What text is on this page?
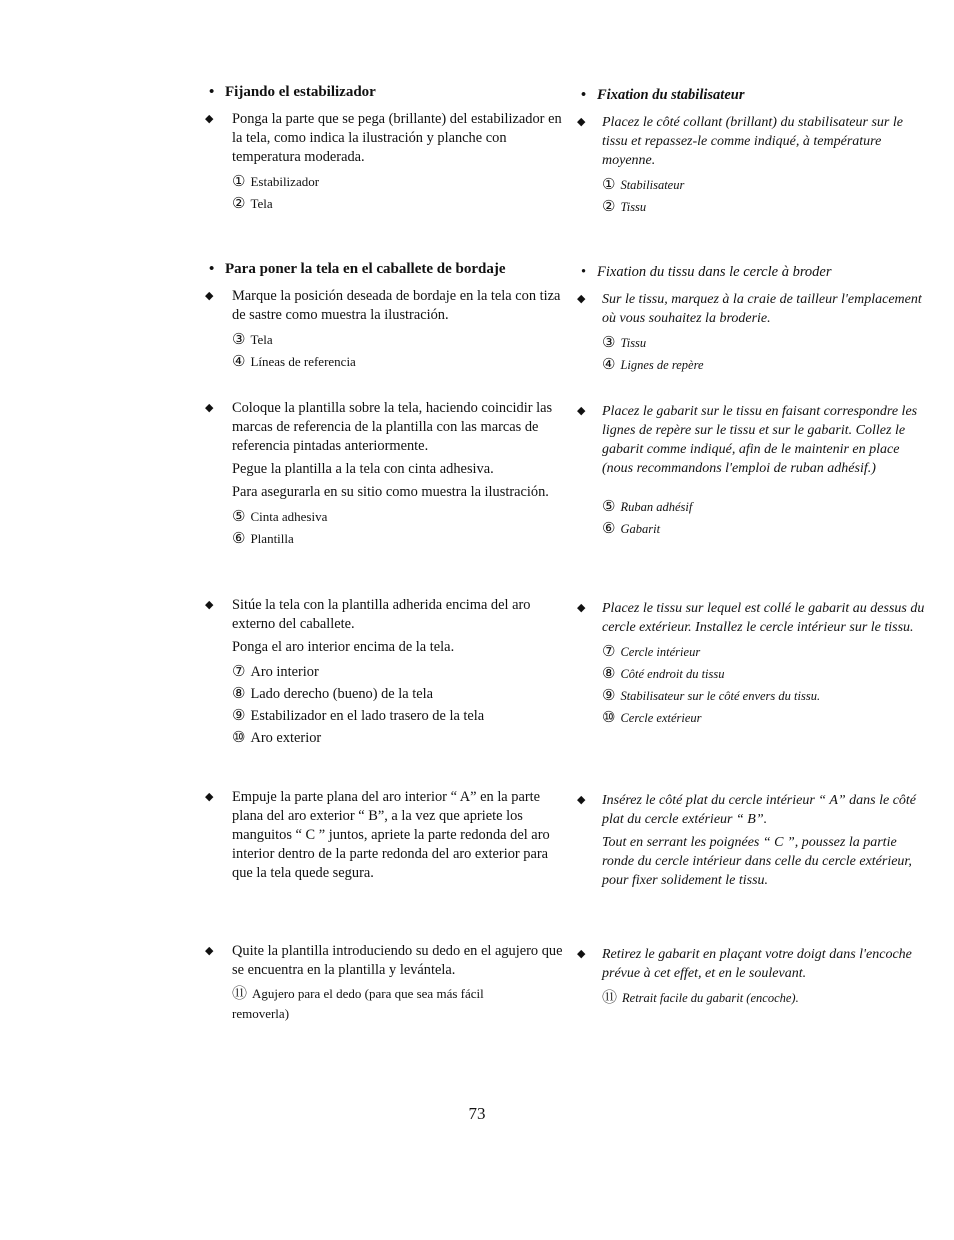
• Fijando el estabilizador
◆ Ponga la parte que se pega (brillante) del estabilizador en la tela, como indica la ilustración y planche con temperatura moderada.
① Estabilizador
② Tela
• Para poner la tela en el caballete de bordaje
◆ Marque la posición deseada de bordaje en la tela con tiza de sastre como muestra la ilustración.
③ Tela
④ Líneas de referencia
◆ Coloque la plantilla sobre la tela, haciendo coincidir las marcas de referencia de la plantilla con las marcas de referencia pintadas anteriormente.
Pegue la plantilla a la tela con cinta adhesiva.
Para asegurarla en su sitio como muestra la ilustración.
⑤ Cinta adhesiva
⑥ Plantilla
◆ Sitúe la tela con la plantilla adherida encima del aro externo del caballete.
Ponga el aro interior encima de la tela.
⑦ Aro interior
⑧ Lado derecho (bueno) de la tela
⑨ Estabilizador en el lado trasero de la tela
⑩ Aro exterior
◆ Empuje la parte plana del aro interior “ A” en la parte plana del aro exterior “ B”, a la vez que apriete los manguitos “ C ” juntos, apriete la parte redonda del aro interior dentro de la parte redonda del aro exterior para que la tela quede segura.
◆ Quite la plantilla introduciendo su dedo en el agujero que se encuentra en la plantilla y levántela.
⑪ Agujero para el dedo (para que sea más fácil removerla)
• Fixation du stabilisateur
◆ Placez le côté collant (brillant) du stabilisateur sur le tissu et repassez-le comme indiqué, à température moyenne.
① Stabilisateur
② Tissu
• Fixation du tissu dans le cercle à broder
◆ Sur le tissu, marquez à la craie de tailleur l'emplacement où vous souhaitez la broderie.
③ Tissu
④ Lignes de repère
◆ Placez le gabarit sur le tissu en faisant correspondre les lignes de repère sur le tissu et sur le gabarit. Collez le gabarit comme indiqué, afin de le maintenir en place (nous recommandons l'emploi de ruban adhésif.)
⑤ Ruban adhésif
⑥ Gabarit
◆ Placez le tissu sur lequel est collé le gabarit au dessus du cercle extérieur. Installez le cercle intérieur sur le tissu.
⑦ Cercle intérieur
⑧ Côté endroit du tissu
⑨ Stabilisateur sur le côté envers du tissu.
⑩ Cercle extérieur
◆ Insérez le côté plat du cercle intérieur “ A” dans le côté plat du cercle extérieur “ B”.
Tout en serrant les poignées “ C ”, poussez la partie ronde du cercle intérieur dans celle du cercle extérieur, pour fixer solidement le tissu.
◆ Retirez le gabarit en plaçant votre doigt dans l'encoche prévue à cet effet, et en le soulevant.
⑪ Retrait facile du gabarit (encoche).
73
